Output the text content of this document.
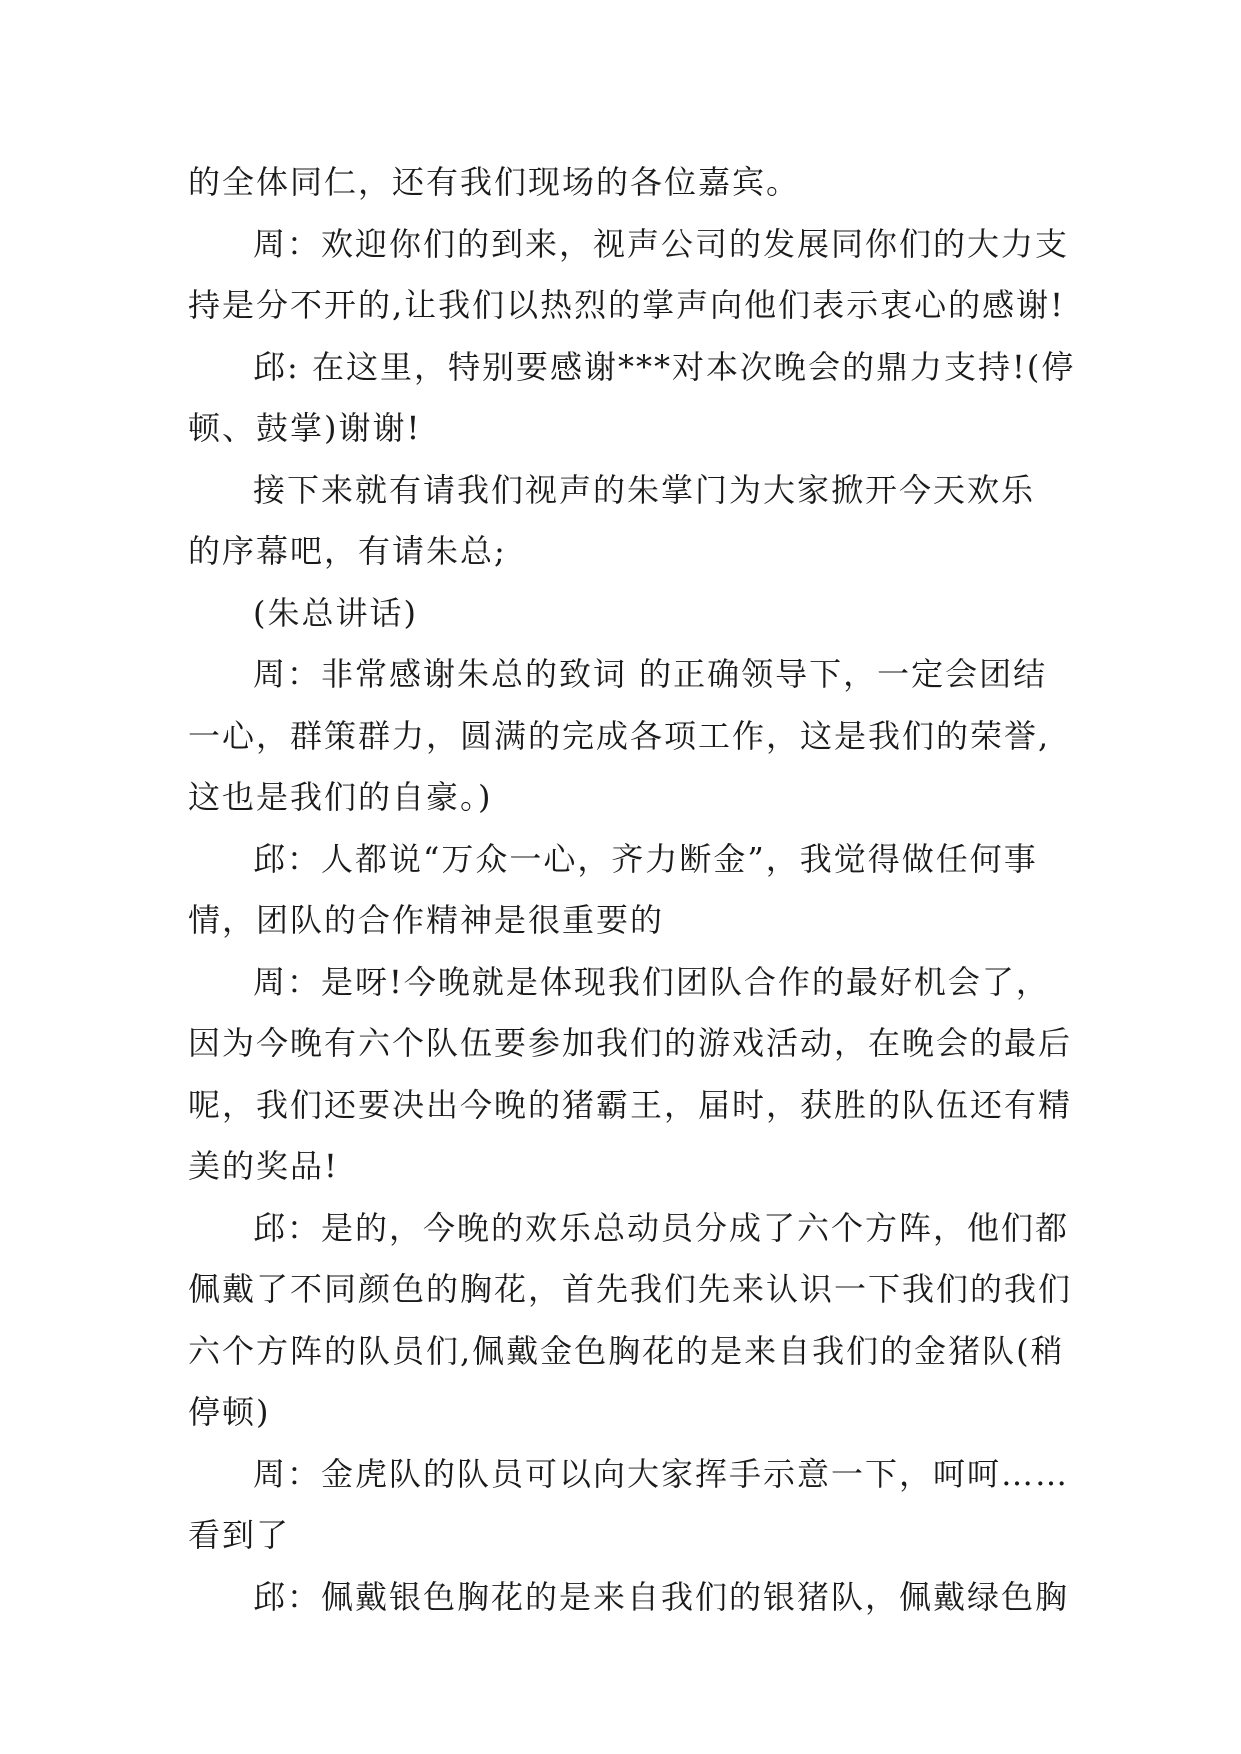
的全体同仁，还有我们现场的各位嘉宾。
周：欢迎你们的到来，视声公司的发展同你们的大力支
持是分不开的,让我们以热烈的掌声向他们表示衷心的感谢!
邱: 在这里，特别要感谢***对本次晚会的鼎力支持!(停
顿、鼓掌)谢谢!
接下来就有请我们视声的朱掌门为大家掀开今天欢乐
的序幕吧，有请朱总;
(朱总讲话)
周：非常感谢朱总的致词 的正确领导下，一定会团结
一心，群策群力，圆满的完成各项工作，这是我们的荣誉,
这也是我们的自豪。)
邱：人都说“万众一心，齐力断金”，我觉得做任何事
情，团队的合作精神是很重要的
周：是呀!今晚就是体现我们团队合作的最好机会了，
因为今晚有六个队伍要参加我们的游戏活动，在晚会的最后
呢，我们还要决出今晚的猪霸王，届时，获胜的队伍还有精
美的奖品!
邱：是的，今晚的欢乐总动员分成了六个方阵，他们都
佩戴了不同颜色的胸花，首先我们先来认识一下我们的我们
六个方阵的队员们,佩戴金色胸花的是来自我们的金猪队(稍
停顿)
周：金虎队的队员可以向大家挥手示意一下，呵呵……
看到了
邱：佩戴银色胸花的是来自我们的银猪队，佩戴绿色胸
